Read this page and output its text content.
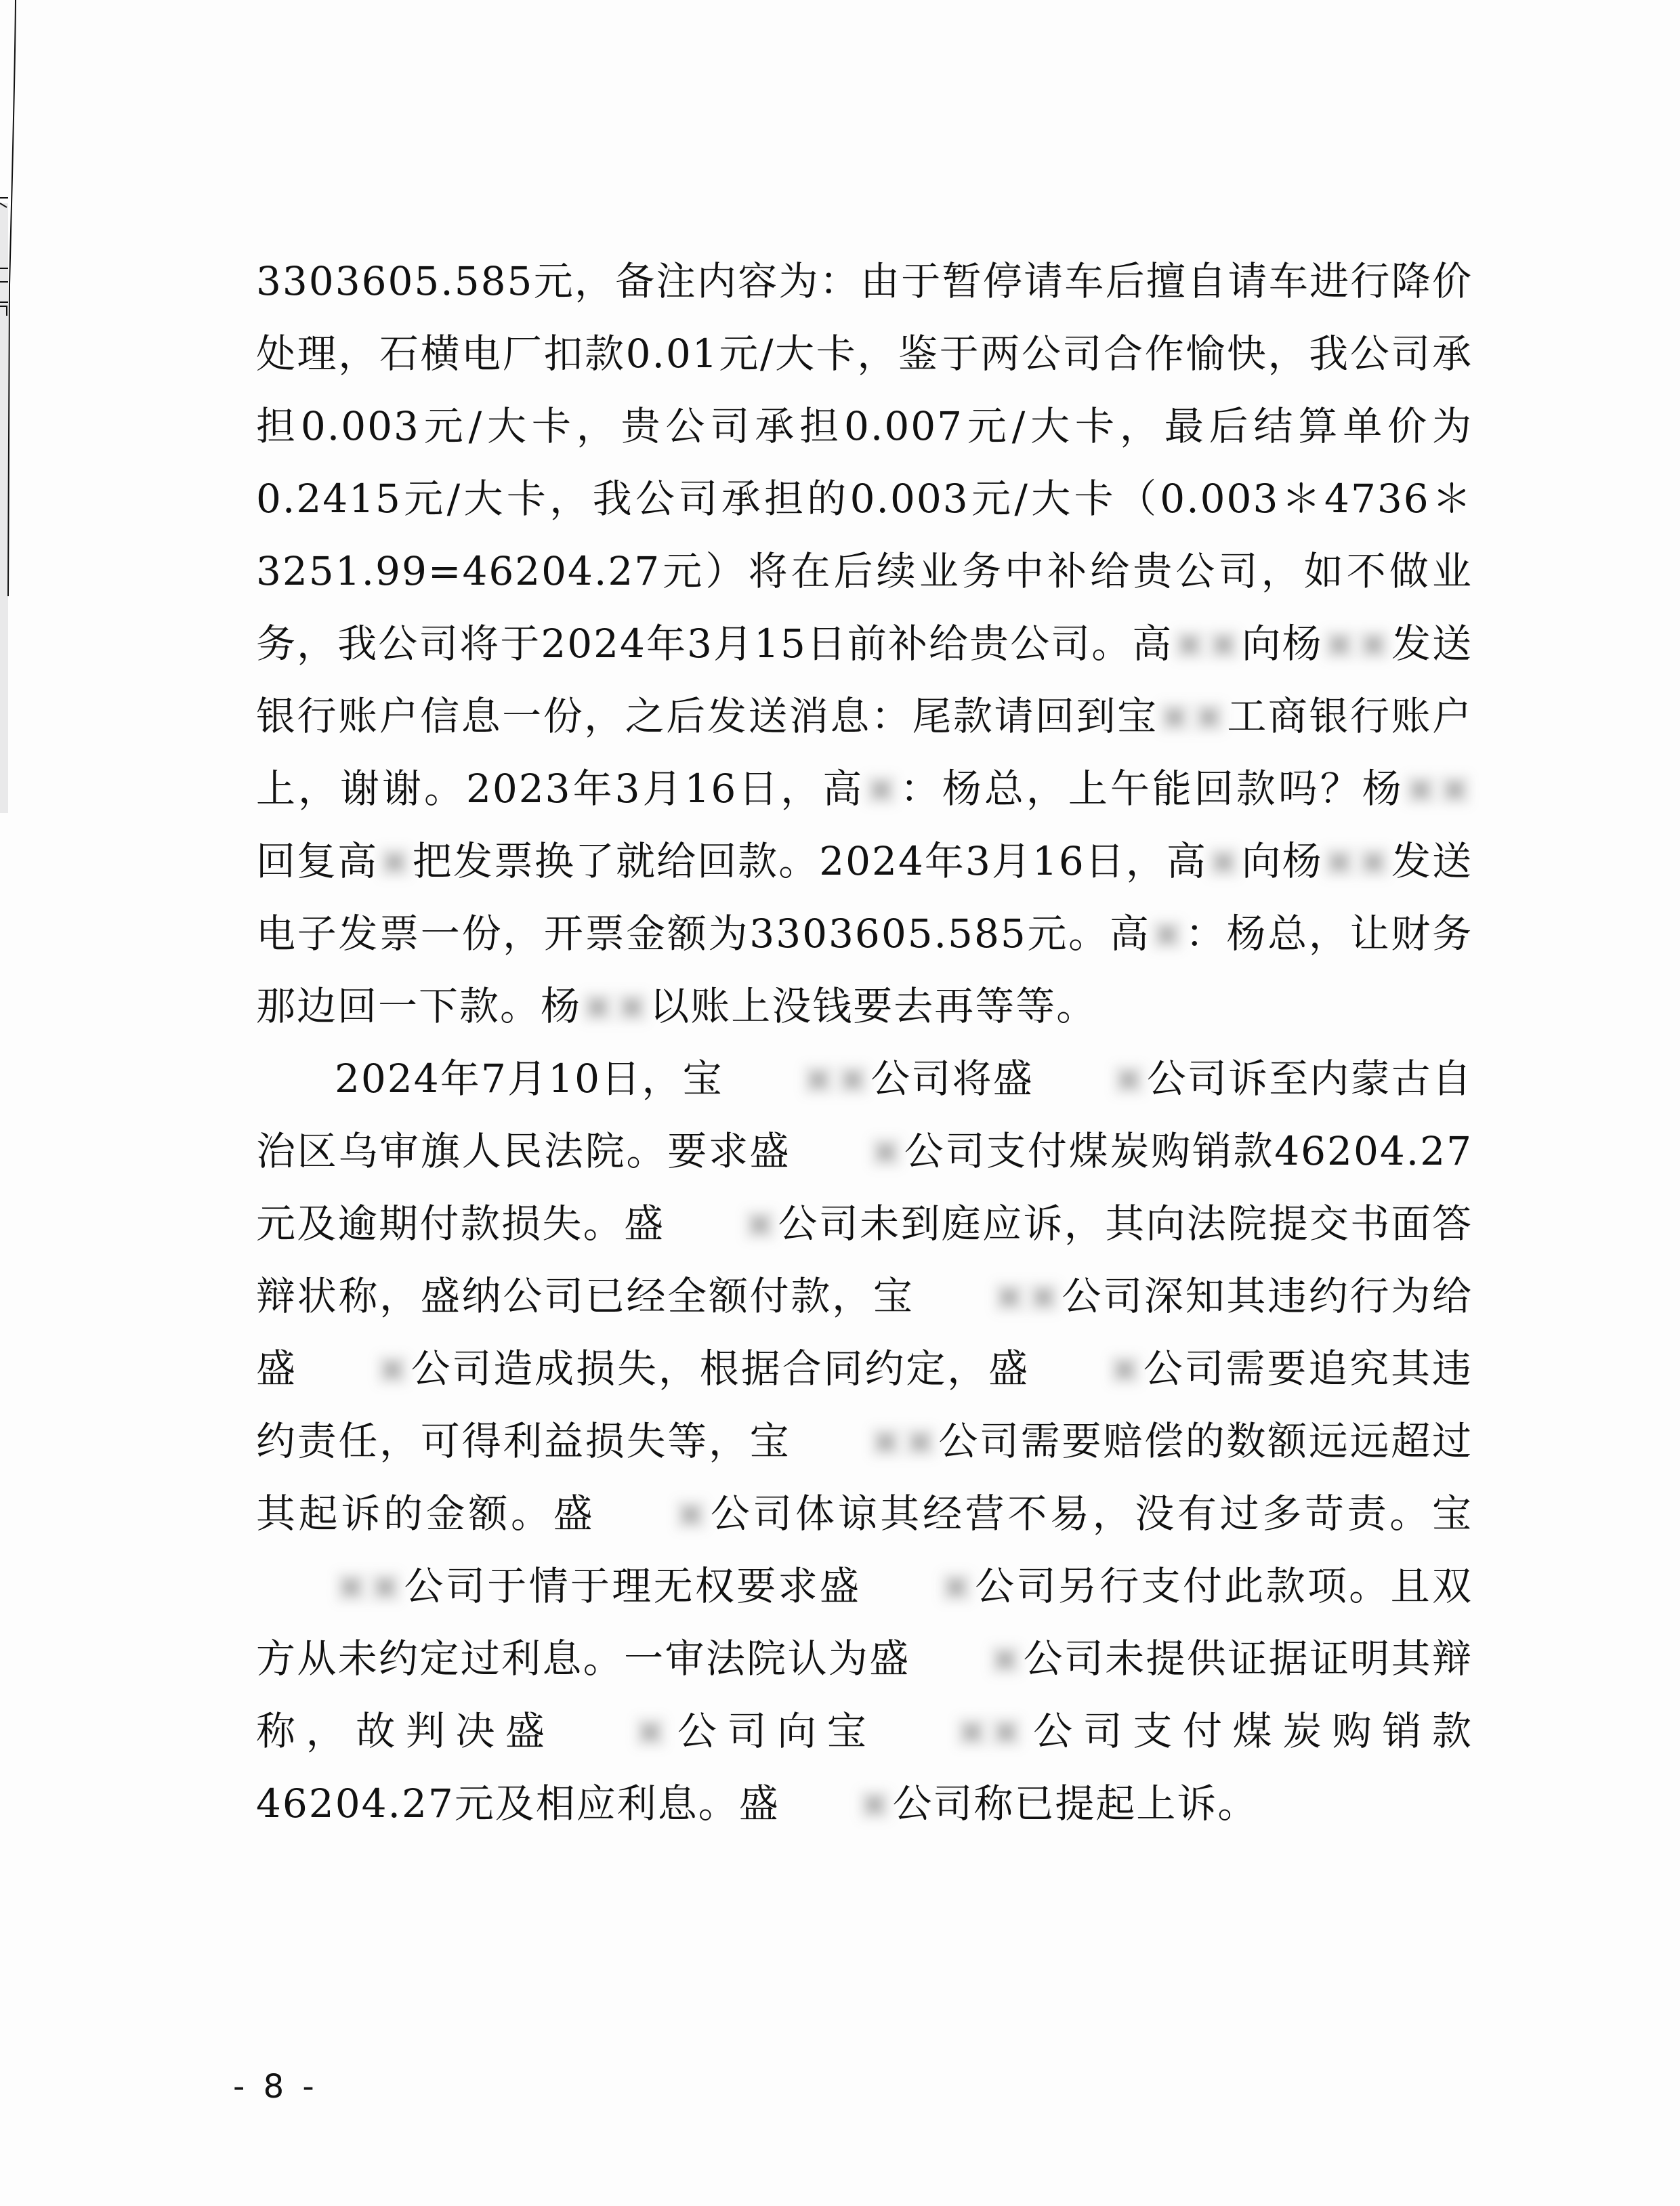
3303605.585元，备注内容为：由于暂停请车后擅自请车进行降价处理，石横电厂扣款0.01元/大卡，鉴于两公司合作愉快，我公司承担0.003元/大卡，贵公司承担0.007元/大卡，最后结算单价为0.2415元/大卡，我公司承担的0.003元/大卡（0.003＊4736＊3251.99=46204.27元）将在后续业务中补给贵公司，如不做业务，我公司将于2024年3月15日前补给贵公司。高××向杨××发送银行账户信息一份，之后发送消息：尾款请回到宝××工商银行账户上，谢谢。2023年3月16日，高×：杨总，上午能回款吗？杨××回复高×把发票换了就给回款。2024年3月16日，高×向杨××发送电子发票一份，开票金额为3303605.585元。高×：杨总，让财务那边回一下款。杨××以账上没钱要去再等等。

2024年7月10日，宝 ××公司将盛 ×公司诉至内蒙古自治区乌审旗人民法院。要求盛 ×公司支付煤炭购销款46204.27元及逾期付款损失。盛 ×公司未到庭应诉，其向法院提交书面答辩状称，盛纳公司已经全额付款，宝 ××公司深知其违约行为给盛 ×公司造成损失，根据合同约定，盛 ×公司需要追究其违约责任，可得利益损失等，宝 ××公司需要赔偿的数额远远超过其起诉的金额。盛 ×公司体谅其经营不易，没有过多苛责。宝××公司于情于理无权要求盛 ×公司另行支付此款项。且双方从未约定过利息。一审法院认为盛 ×公司未提供证据证明其辩称，故判决盛 ×公司向宝 ××公司支付煤炭购销款46204.27元及相应利息。盛 ×公司称已提起上诉。

- 8 -
